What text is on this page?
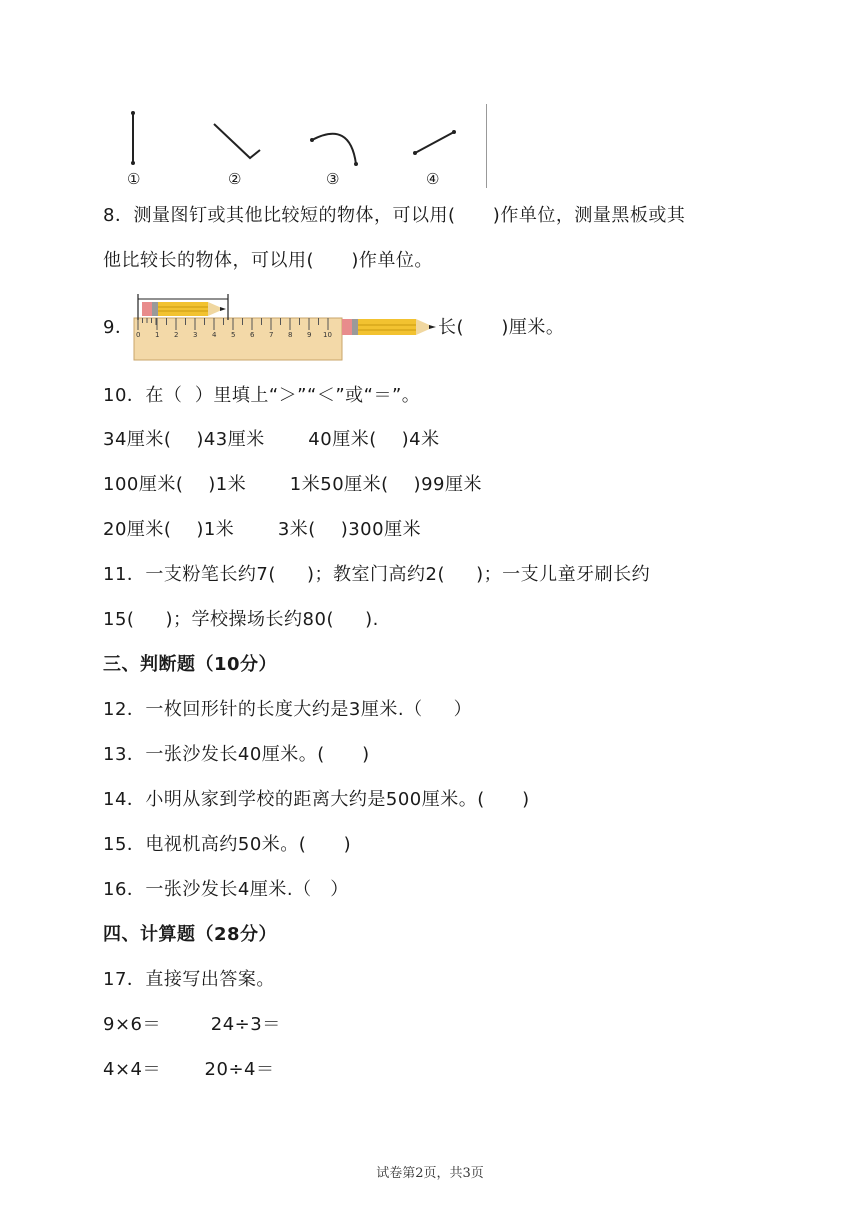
①	②	③	④
8．测量图钉或其他比较短的物体，可以用(      )作单位，测量黑板或其
他比较长的物体，可以用(      )作单位。
9． 0 1 2 3 4 5 6 7 8 9 10	长(      )厘米。
10．在（  ）里填上“＞”“＜”或“＝”。
34厘米(    )43厘米       40厘米(    )4米
100厘米(    )1米       1米50厘米(    )99厘米
20厘米(    )1米       3米(    )300厘米
11．一支粉笔长约7(     )；教室门高约2(     )；一支儿童牙刷长约
15(     )；学校操场长约80(     ).
三、判断题（10分）
12．一枚回形针的长度大约是3厘米.（     ）
13．一张沙发长40厘米。(      )
14．小明从家到学校的距离大约是500厘米。(      )
15．电视机高约50米。(      )
16．一张沙发长4厘米.（   ）
四、计算题（28分）
17．直接写出答案。
9×6＝        24÷3＝
4×4＝       20÷4＝
试卷第2页，共3页
